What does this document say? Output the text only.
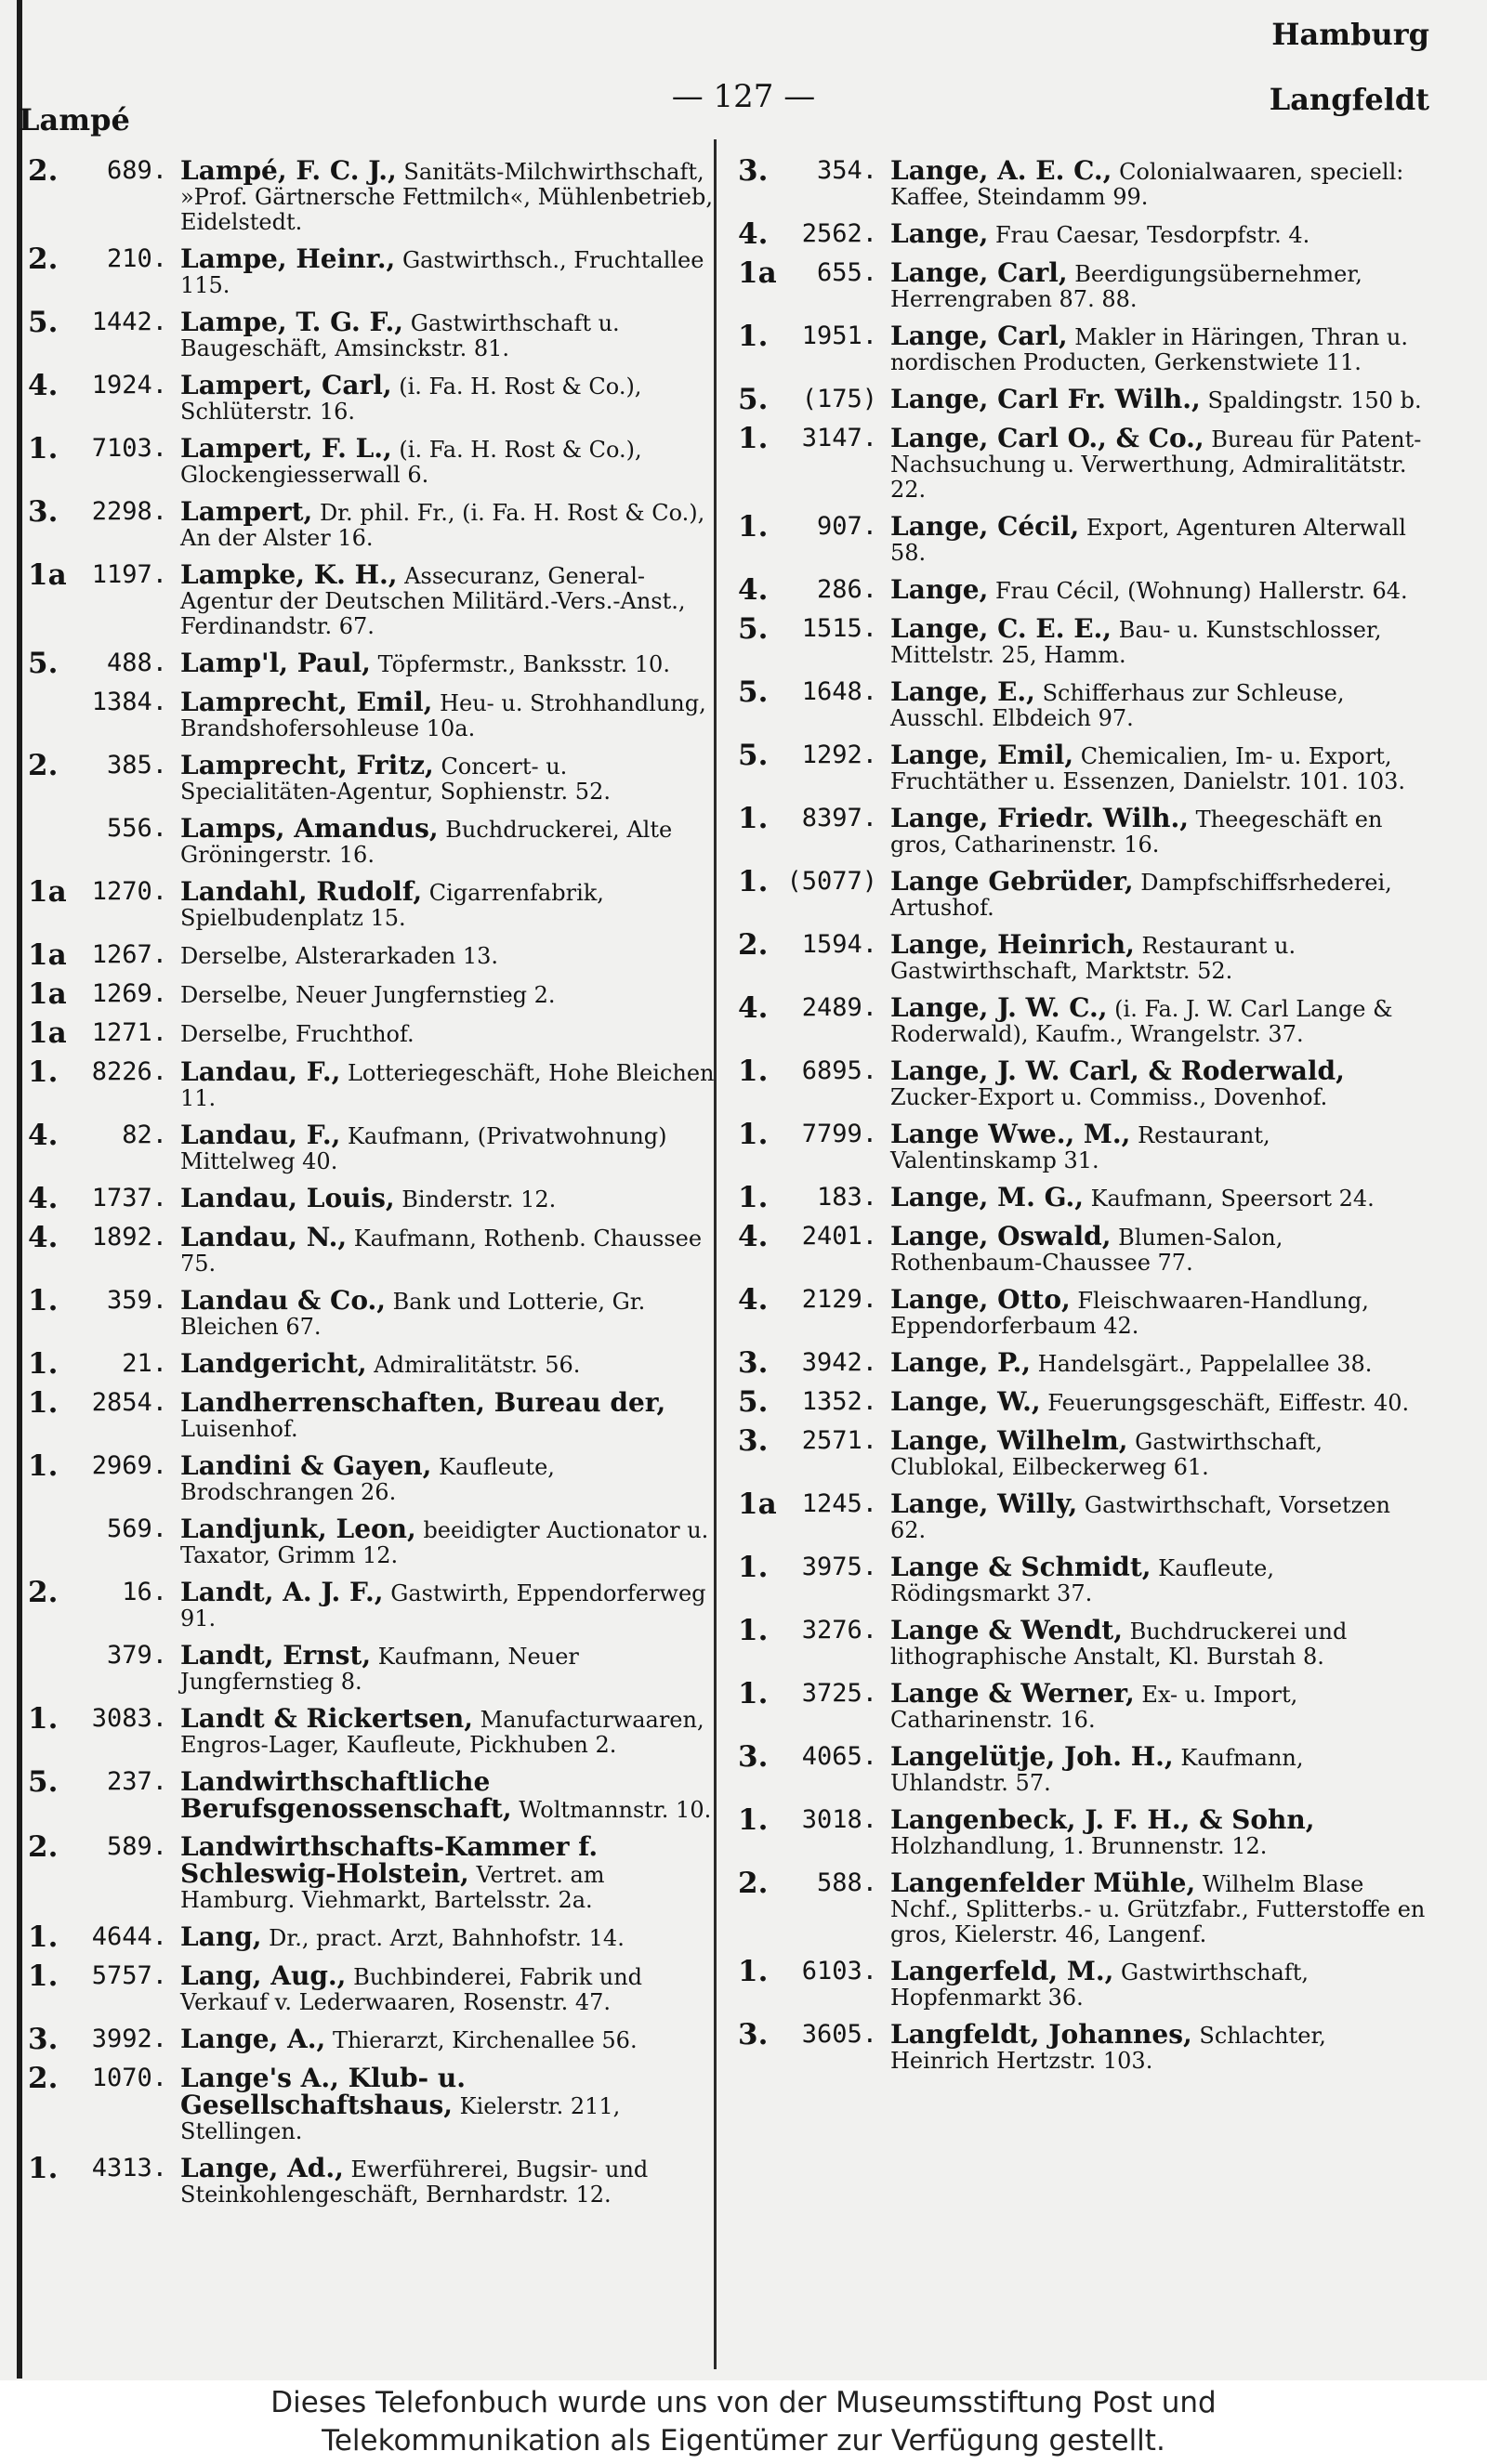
Hamburg
— 127 —
Lampé
Langfeldt
2.	689. Lampé, F. C. J., Sanitäts-Milchwirthschaft, »Prof. Gärtnersche Fettmilch«, Mühlenbetrieb, Eidelstedt.
2.	210. Lampe, Heinr., Gastwirthsch., Fruchtallee 115.
5.	1442. Lampe, T. G. F., Gastwirthschaft u. Baugeschäft, Amsinckstr. 81.
4.	1924. Lampert, Carl, (i. Fa. H. Rost & Co.), Schlüterstr. 16.
1.	7103. Lampert, F. L., (i. Fa. H. Rost & Co.), Glockengiesserwall 6.
3.	2298. Lampert, Dr. phil. Fr., (i. Fa. H. Rost & Co.), An der Alster 16.
1a	1197. Lampke, K. H., Assecuranz, General-Agentur der Deutschen Militärd.-Vers.-Anst., Ferdinandstr. 67.
5.	488. Lamp'l, Paul, Töpfermstr., Banksstr. 10.
1384. Lamprecht, Emil, Heu- u. Strohhandlung, Brandshofersohleuse 10a.
2.	385. Lamprecht, Fritz, Concert- u. Specialitäten-Agentur, Sophienstr. 52.
556. Lamps, Amandus, Buchdruckerei, Alte Gröningerstr. 16.
1a	1270. Landahl, Rudolf, Cigarrenfabrik, Spielbudenplatz 15.
1a	1267. Derselbe, Alsterarkaden 13.
1a	1269. Derselbe, Neuer Jungfernstieg 2.
1a	1271. Derselbe, Fruchthof.
1.	8226. Landau, F., Lotteriegeschäft, Hohe Bleichen 11.
4.	82. Landau, F., Kaufmann, (Privatwohnung) Mittelweg 40.
4.	1737. Landau, Louis, Binderstr. 12.
4.	1892. Landau, N., Kaufmann, Rothenb. Chaussee 75.
1.	359. Landau & Co., Bank und Lotterie, Gr. Bleichen 67.
1.	21. Landgericht, Admiralitätstr. 56.
1.	2854. Landherrenschaften, Bureau der, Luisenhof.
1.	2969. Landini & Gayen, Kaufleute, Brodschrangen 26.
569. Landjunk, Leon, beeidigter Auctionator u. Taxator, Grimm 12.
2.	16. Landt, A. J. F., Gastwirth, Eppendorferweg 91.
379. Landt, Ernst, Kaufmann, Neuer Jungfernstieg 8.
1.	3083. Landt & Rickertsen, Manufacturwaaren, Engros-Lager, Kaufleute, Pickhuben 2.
5.	237. Landwirthschaftliche Berufsgenossenschaft, Woltmannstr. 10.
2.	589. Landwirthschafts-Kammer f. Schleswig-Holstein, Vertret. am Hamburg. Viehmarkt, Bartelsstr. 2a.
1.	4644. Lang, Dr., pract. Arzt, Bahnhofstr. 14.
1.	5757. Lang, Aug., Buchbinderei, Fabrik und Verkauf v. Lederwaaren, Rosenstr. 47.
3.	3992. Lange, A., Thierarzt, Kirchenallee 56.
2.	1070. Lange's A., Klub- u. Gesellschaftshaus, Kielerstr. 211, Stellingen.
1.	4313. Lange, Ad., Ewerführerei, Bugsir- und Steinkohlengeschäft, Bernhardstr. 12.
3.	354. Lange, A. E. C., Colonialwaaren, speciell: Kaffee, Steindamm 99.
4.	2562. Lange, Frau Caesar, Tesdorpfstr. 4.
1a	655. Lange, Carl, Beerdigungsübernehmer, Herrengraben 87. 88.
1.	1951. Lange, Carl, Makler in Häringen, Thran u. nordischen Producten, Gerkenstwiete 11.
5.	(175) Lange, Carl Fr. Wilh., Spaldingstr. 150 b.
1.	3147. Lange, Carl O., & Co., Bureau für Patent-Nachsuchung u. Verwerthung, Admiralitätstr. 22.
1.	907. Lange, Cécil, Export, Agenturen Alterwall 58.
4.	286. Lange, Frau Cécil, (Wohnung) Hallerstr. 64.
5.	1515. Lange, C. E. E., Bau- u. Kunstschlosser, Mittelstr. 25, Hamm.
5.	1648. Lange, E., Schifferhaus zur Schleuse, Ausschl. Elbdeich 97.
5.	1292. Lange, Emil, Chemicalien, Im- u. Export, Fruchtäther u. Essenzen, Danielstr. 101. 103.
1.	8397. Lange, Friedr. Wilh., Theegeschäft en gros, Catharinenstr. 16.
1. (5077) Lange Gebrüder, Dampfschiffsrhederei, Artushof.
2.	1594. Lange, Heinrich, Restaurant u. Gastwirthschaft, Marktstr. 52.
4.	2489. Lange, J. W. C., (i. Fa. J. W. Carl Lange & Roderwald), Kaufm., Wrangelstr. 37.
1.	6895. Lange, J. W. Carl, & Roderwald, Zucker-Export u. Commiss., Dovenhof.
1.	7799. Lange Wwe., M., Restaurant, Valentinskamp 31.
1.	183. Lange, M. G., Kaufmann, Speersort 24.
4.	2401. Lange, Oswald, Blumen-Salon, Rothenbaum-Chaussee 77.
4.	2129. Lange, Otto, Fleischwaaren-Handlung, Eppendorferbaum 42.
3.	3942. Lange, P., Handelsgärt., Pappelallee 38.
5.	1352. Lange, W., Feuerungsgeschäft, Eiffestr. 40.
3.	2571. Lange, Wilhelm, Gastwirthschaft, Clublokal, Eilbeckerweg 61.
1a	1245. Lange, Willy, Gastwirthschaft, Vorsetzen 62.
1.	3975. Lange & Schmidt, Kaufleute, Rödingsmarkt 37.
1.	3276. Lange & Wendt, Buchdruckerei und lithographische Anstalt, Kl. Burstah 8.
1.	3725. Lange & Werner, Ex- u. Import, Catharinenstr. 16.
3.	4065. Langelütje, Joh. H., Kaufmann, Uhlandstr. 57.
1.	3018. Langenbeck, J. F. H., & Sohn, Holzhandlung, 1. Brunnenstr. 12.
2.	588. Langenfelder Mühle, Wilhelm Blase Nchf., Splitterbs.- u. Grützfabr., Futterstoffe en gros, Kielerstr. 46, Langenf.
1.	6103. Langerfeld, M., Gastwirthschaft, Hopfenmarkt 36.
3.	3605. Langfeldt, Johannes, Schlachter, Heinrich Hertzstr. 103.
Dieses Telefonbuch wurde uns von der Museumsstiftung Post und
Telekommunikation als Eigentümer zur Verfügung gestellt.
